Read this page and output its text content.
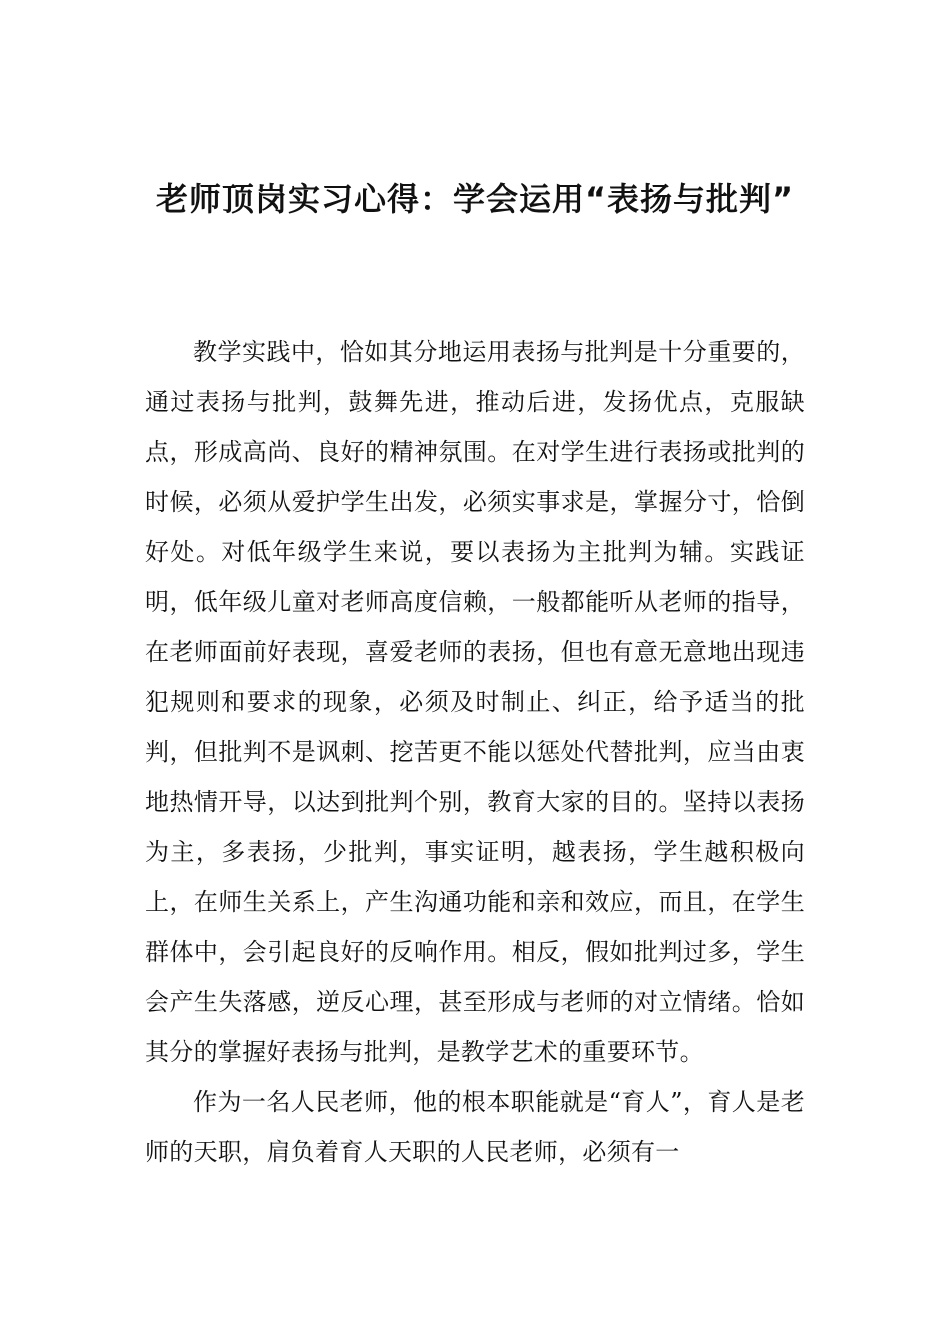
老师顶岗实习心得：学会运用“表扬与批判”

教学实践中，恰如其分地运用表扬与批判是十分重要的，通过表扬与批判，鼓舞先进，推动后进，发扬优点，克服缺点，形成高尚、良好的精神氛围。在对学生进行表扬或批判的时候，必须从爱护学生出发，必须实事求是，掌握分寸，恰倒好处。对低年级学生来说，要以表扬为主批判为辅。实践证明，低年级儿童对老师高度信赖，一般都能听从老师的指导，在老师面前好表现，喜爱老师的表扬，但也有意无意地出现违犯规则和要求的现象，必须及时制止、纠正，给予适当的批判，但批判不是讽刺、挖苦更不能以惩处代替批判，应当由衷地热情开导，以达到批判个别，教育大家的目的。坚持以表扬为主，多表扬，少批判，事实证明，越表扬，学生越积极向上，在师生关系上，产生沟通功能和亲和效应，而且，在学生群体中，会引起良好的反响作用。相反，假如批判过多，学生会产生失落感，逆反心理，甚至形成与老师的对立情绪。恰如其分的掌握好表扬与批判，是教学艺术的重要环节。

作为一名人民老师，他的根本职能就是“育人”，育人是老师的天职，肩负着育人天职的人民老师，必须有一
